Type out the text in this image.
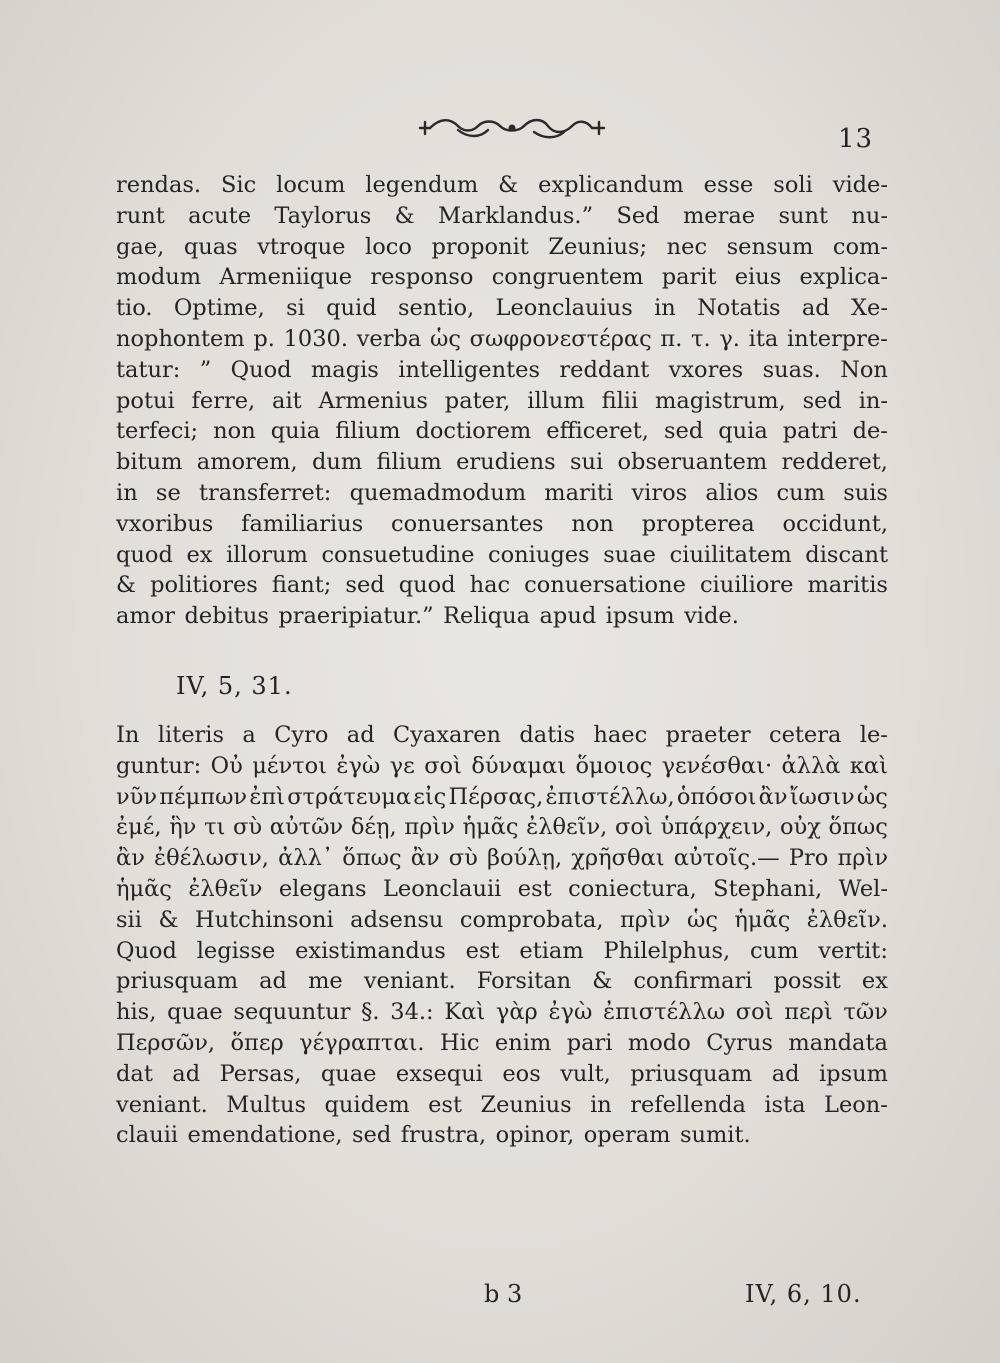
13
rendas. Sic locum legendum & explicandum esse soli vide-
runt acute Taylorus & Marklandus.” Sed merae sunt nu-
gae, quas vtroque loco proponit Zeunius; nec sensum com-
modum Armeniique responso congruentem parit eius explica-
tio. Optime, si quid sentio, Leonclauius in Notatis ad Xe-
nophontem p. 1030. verba ὡς σωφρονεστέρας π. τ. γ. ita interpre-
tatur: ” Quod magis intelligentes reddant vxores suas. Non
potui ferre, ait Armenius pater, illum filii magistrum, sed in-
terfeci; non quia filium doctiorem efficeret, sed quia patri de-
bitum amorem, dum filium erudiens sui obseruantem redderet,
in se transferret: quemadmodum mariti viros alios cum suis
vxoribus familiarius conuersantes non propterea occidunt,
quod ex illorum consuetudine coniuges suae ciuilitatem discant
& politiores fiant; sed quod hac conuersatione ciuiliore maritis
amor debitus praeripiatur.” Reliqua apud ipsum vide.
IV, 5, 31.
In literis a Cyro ad Cyaxaren datis haec praeter cetera le-
guntur: Οὐ μέντοι ἐγὼ γε σοὶ δύναμαι ὅμοιος γενέσθαι· ἀλλὰ καὶ
νῦν πέμπων ἐπὶ στράτευμα εἰς Πέρσας, ἐπιστέλλω, ὁπόσοι ἂν ἴωσιν ὡς
ἐμέ, ἣν τι σὺ αὐτῶν δέῃ, πρὶν ἡμᾶς ἐλθεῖν, σοὶ ὑπάρχειν, οὐχ ὅπως
ἂν ἐθέλωσιν, ἀλλ᾽ ὅπως ἂν σὺ βούλῃ, χρῆσθαι αὐτοῖς.— Pro πρὶν
ἡμᾶς ἐλθεῖν elegans Leonclauii est coniectura, Stephani, Wel-
sii & Hutchinsoni adsensu comprobata, πρὶν ὡς ἡμᾶς ἐλθεῖν.
Quod legisse existimandus est etiam Philelphus, cum vertit:
priusquam ad me veniant. Forsitan & confirmari possit ex
his, quae sequuntur §. 34.: Καὶ γὰρ ἐγὼ ἐπιστέλλω σοὶ περὶ τῶν
Περσῶν, ὅπερ γέγραπται. Hic enim pari modo Cyrus mandata
dat ad Persas, quae exsequi eos vult, priusquam ad ipsum
veniant. Multus quidem est Zeunius in refellenda ista Leon-
clauii emendatione, sed frustra, opinor, operam sumit.
b 3	IV, 6, 10.
